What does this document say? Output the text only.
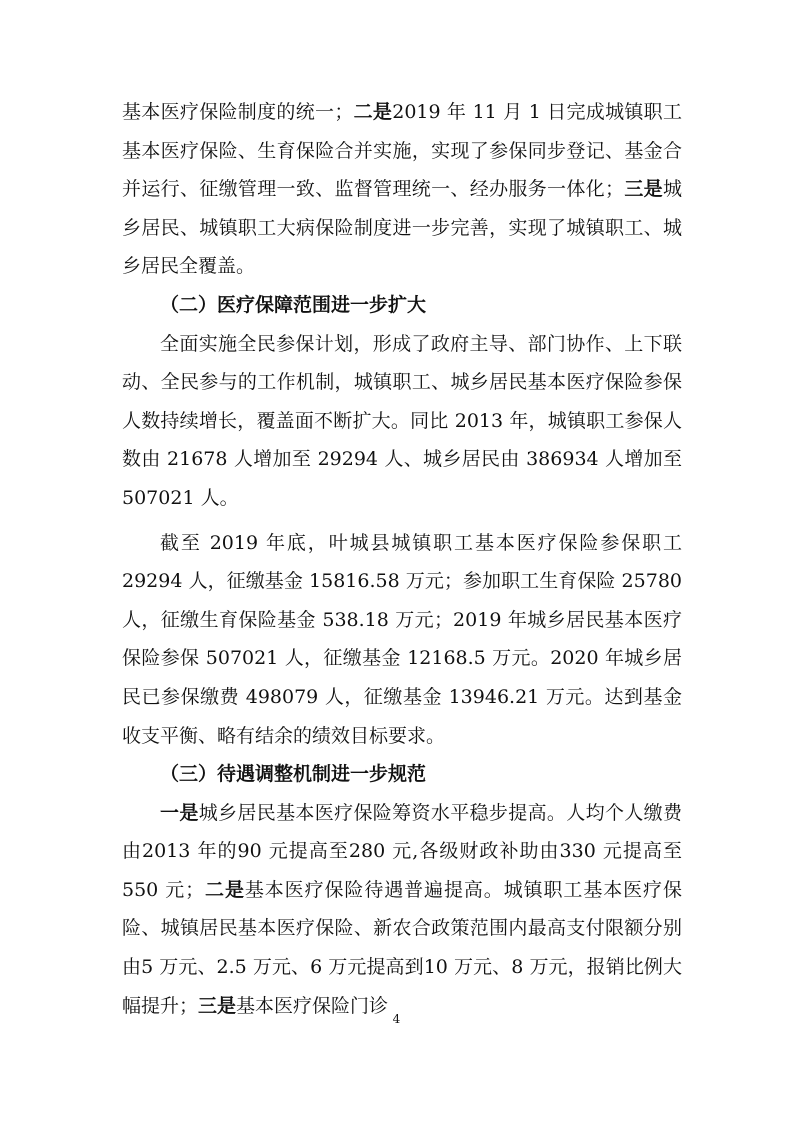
基本医疗保险制度的统一；二是2019 年 11 月 1 日完成城镇职工基本医疗保险、生育保险合并实施，实现了参保同步登记、基金合并运行、征缴管理一致、监督管理统一、经办服务一体化；三是城乡居民、城镇职工大病保险制度进一步完善，实现了城镇职工、城乡居民全覆盖。

（二）医疗保障范围进一步扩大

全面实施全民参保计划，形成了政府主导、部门协作、上下联动、全民参与的工作机制，城镇职工、城乡居民基本医疗保险参保人数持续增长，覆盖面不断扩大。同比 2013 年，城镇职工参保人数由 21678 人增加至 29294 人、城乡居民由 386934 人增加至 507021 人。

截至 2019 年底，叶城县城镇职工基本医疗保险参保职工 29294 人，征缴基金 15816.58 万元；参加职工生育保险 25780 人，征缴生育保险基金 538.18 万元；2019 年城乡居民基本医疗保险参保 507021 人，征缴基金 12168.5 万元。2020 年城乡居民已参保缴费 498079 人，征缴基金 13946.21 万元。达到基金收支平衡、略有结余的绩效目标要求。

（三）待遇调整机制进一步规范

一是城乡居民基本医疗保险筹资水平稳步提高。人均个人缴费由2013 年的90 元提高至280 元,各级财政补助由330 元提高至550 元；二是基本医疗保险待遇普遍提高。城镇职工基本医疗保险、城镇居民基本医疗保险、新农合政策范围内最高支付限额分别由5 万元、2.5 万元、6 万元提高到10 万元、8 万元，报销比例大幅提升；三是基本医疗保险门诊

4
